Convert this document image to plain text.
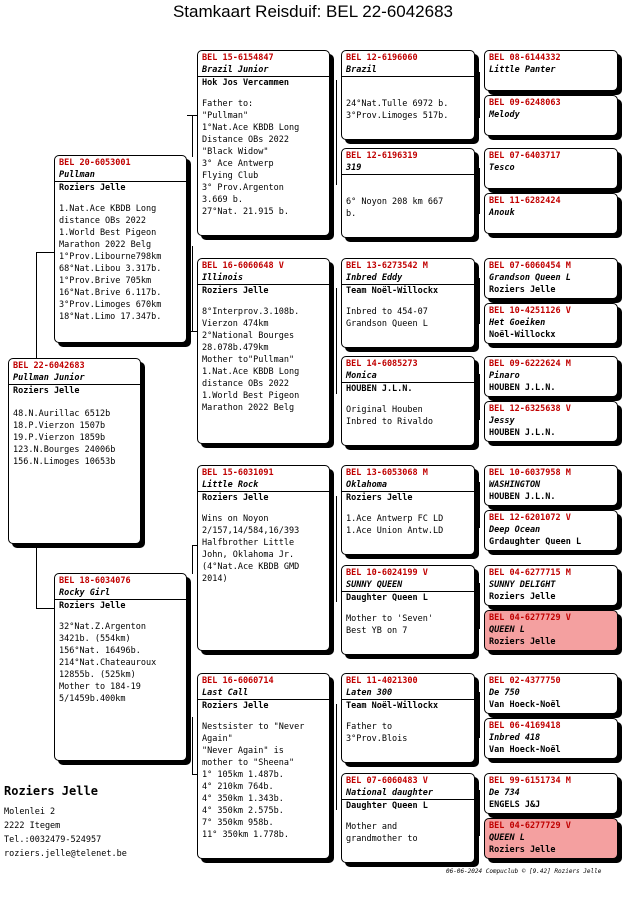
Stamkaart Reisduif: BEL 22-6042683
BEL 22-6042683
Pullman Junior
Roziers Jelle
48.N.Aurillac 6512b
18.P.Vierzon 1507b
19.P.Vierzon 1859b
123.N.Bourges 24006b
156.N.Limoges 10653b
BEL 20-6053001
Pullman
Roziers Jelle
1.Nat.Ace KBDB Long
distance OBs 2022
1.World Best Pigeon
Marathon 2022 Belg
1°Prov.Libourne798km
68°Nat.Libou 3.317b.
1°Prov.Brive 705km
16°Nat.Brive 6.117b.
3°Prov.Limoges 670km
18°Nat.Limo 17.347b.
BEL 18-6034076
Rocky Girl
Roziers Jelle
32°Nat.Z.Argenton
3421b. (554km)
156°Nat. 16496b.
214°Nat.Chateauroux
12855b. (525km)
Mother to 184-19
5/1459b.400km
BEL 15-6154847
Brazil Junior
Hok Jos Vercammen
Father to:
"Pullman"
1°Nat.Ace KBDB Long
Distance OBs 2022
"Black Widow"
3° Ace Antwerp
Flying Club
3° Prov.Argenton
3.669 b.
27°Nat. 21.915 b.
BEL 16-6060648 V
Illinois
Roziers Jelle
8°Interprov.3.108b.
Vierzon 474km
2°National Bourges
28.078b.479km
Mother to"Pullman"
1.Nat.Ace KBDB Long
distance OBs 2022
1.World Best Pigeon
Marathon 2022 Belg
BEL 15-6031091
Little Rock
Roziers Jelle
Wins on Noyon
2/157,14/584,16/393
Halfbrother Little
John, Oklahoma Jr.
(4°Nat.Ace KBDB GMD
2014)
BEL 16-6060714
Last Call
Roziers Jelle
Nestsister to "Never
Again"
"Never Again" is
mother to "Sheena"
1° 105km 1.487b.
4° 210km 764b.
4° 350km 1.343b.
4° 350km 2.575b.
7° 350km 958b.
11° 350km 1.778b.
BEL 12-6196060
Brazil
24°Nat.Tulle 6972 b.
3°Prov.Limoges 517b.
BEL 12-6196319
319
6° Noyon 208 km 667
b.
BEL 13-6273542 M
Inbred Eddy
Team Noël-Willockx
Inbred to 454-07
Grandson Queen L
BEL 14-6085273
Monica
HOUBEN J.L.N.
Original Houben
Inbred to Rivaldo
BEL 13-6053068 M
Oklahoma
Roziers Jelle
1.Ace Antwerp FC LD
1.Ace Union Antw.LD
BEL 10-6024199 V
SUNNY QUEEN
Daughter Queen L
Mother to 'Seven'
Best YB on 7
BEL 11-4021300
Laten 300
Team Noël-Willockx
Father to
3°Prov.Blois
BEL 07-6060483 V
National daughter
Daughter Queen L
Mother and
grandmother to
BEL 08-6144332
Little Panter
BEL 09-6248063
Melody
BEL 07-6403717
Tesco
BEL 11-6282424
Anouk
BEL 07-6060454 M
Grandson Queen L
Roziers Jelle
BEL 10-4251126 V
Het Goeiken
Noël-Willockx
BEL 09-6222624 M
Pinaro
HOUBEN J.L.N.
BEL 12-6325638 V
Jessy
HOUBEN J.L.N.
BEL 10-6037958 M
WASHINGTON
HOUBEN J.L.N.
BEL 12-6201072 V
Deep Ocean
Grdaughter Queen L
BEL 04-6277715 M
SUNNY DELIGHT
Roziers Jelle
BEL 04-6277729 V
QUEEN L
Roziers Jelle
BEL 02-4377750
De 750
Van Hoeck-Noël
BEL 06-4169418
Inbred 418
Van Hoeck-Noël
BEL 99-6151734 M
De 734
ENGELS J&J
BEL 04-6277729 V
QUEEN L
Roziers Jelle
Roziers Jelle
Molenlei 2
2222 Itegem
Tel.:0032479-524957
roziers.jelle@telenet.be
06-06-2024 Compuclub © [9.42] Roziers Jelle
